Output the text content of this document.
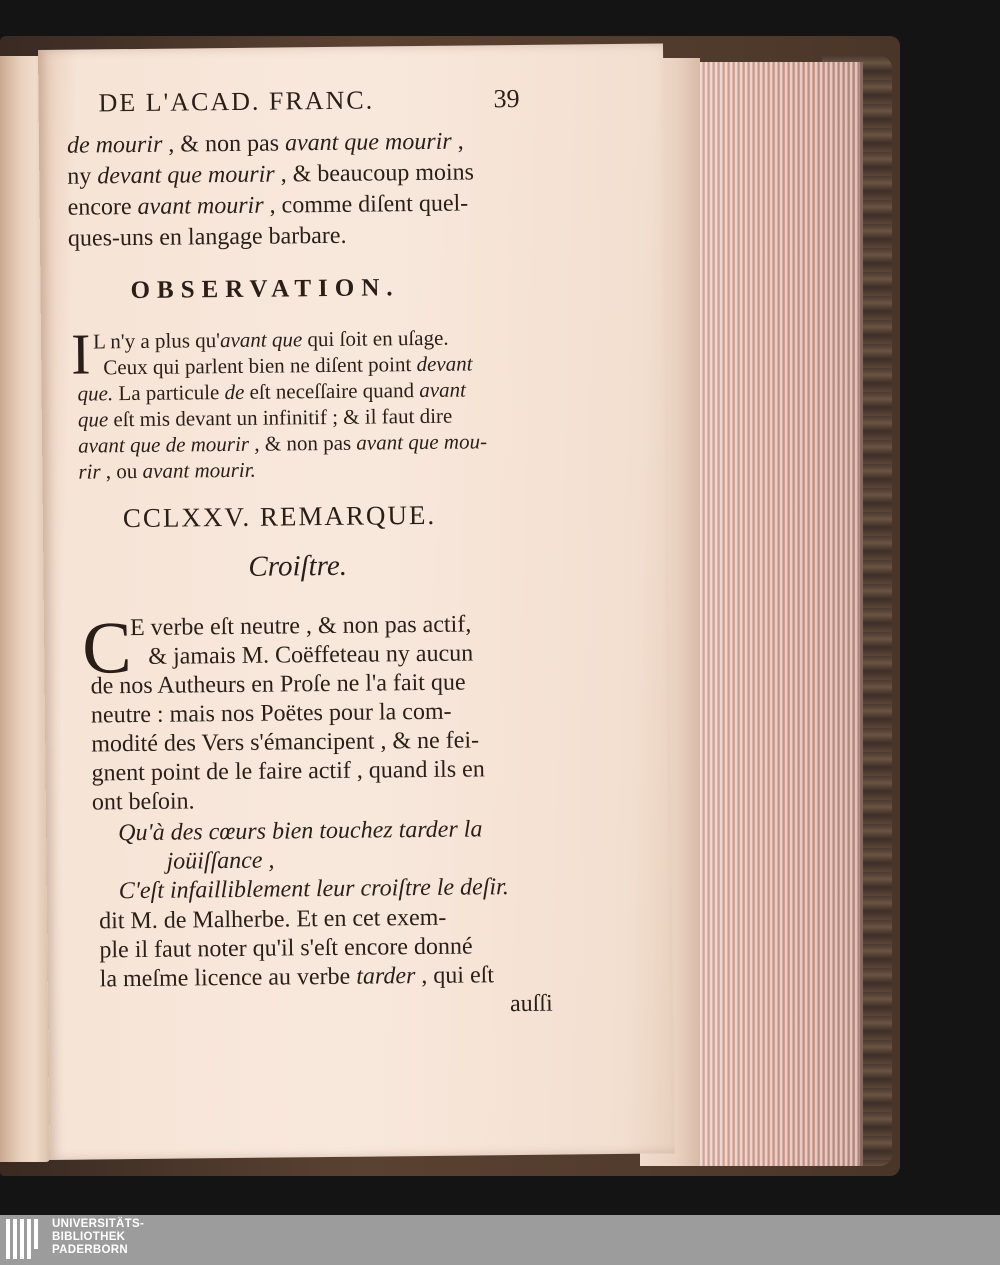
DE L'ACAD. FRANC.	39
de mourir , & non pas avant que mourir ,
ny devant que mourir , & beaucoup moins
encore avant mourir , comme diſent quel-
ques-uns en langage barbare.
OBSERVATION.
I L n'y a plus qu'avant que qui ſoit en uſage.
Ceux qui parlent bien ne diſent point devant
que. La particule de eſt neceſſaire quand avant
que eſt mis devant un infinitif ; & il faut dire
avant que de mourir , & non pas avant que mou-
rir , ou avant mourir.
CCLXXV. REMARQUE.
Croiſtre.
C
E verbe eſt neutre , & non pas actif,
& jamais M. Coëffeteau ny aucun
de nos Autheurs en Proſe ne l'a fait que
neutre : mais nos Poëtes pour la com-
modité des Vers s'émancipent , & ne fei-
gnent point de le faire actif , quand ils en
ont beſoin.
Qu'à des cœurs bien touchez tarder la
joüiſſance ,
C'eſt infailliblement leur croiſtre le deſir.
dit M. de Malherbe. Et en cet exem-
ple il faut noter qu'il s'eſt encore donné
la meſme licence au verbe tarder , qui eſt
auſſi
UNIVERSITÄTS-
BIBLIOTHEK
PADERBORN
